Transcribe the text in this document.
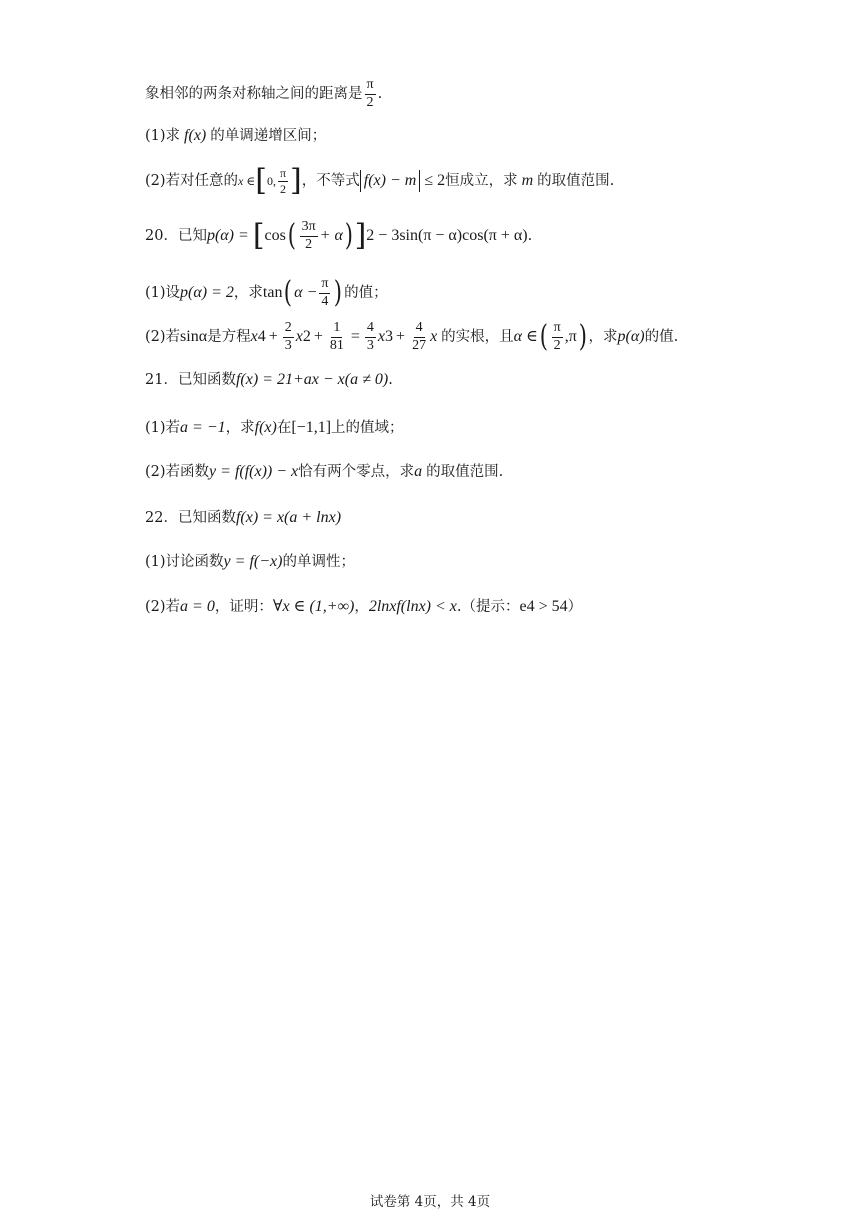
象相邻的两条对称轴之间的距离是 $\frac{\pi}{2}$ .
(1)求 f(x) 的单调递增区间；
(2)若对任意的 x ∈ [ 0, $\frac{\pi}{2}$ ] ，不等式 f(x) − m ≤ 2 恒成立，求 m 的取值范围.
20．已知 p(α) = [ cos ( $\frac{3\pi}{2} + \alpha$ ) ] 2 − 3sin(π − α)cos(π + α) .
(1)设 p(α) = 2 ，求 tan ( $\alpha - \frac{\pi}{4}$ ) 的值；
(2)若 sinα 是方程 x $4 + \frac{2}{3}$ x $2 + \frac{1}{81} = \frac{4}{3}$ x $3 + \frac{4}{27}$ x 的实根，且 α ∈ ( $\frac{\pi}{2} ,\pi$ ) ，求 p(α) 的值.
21．已知函数 f(x) = 2 1+ax − x(a ≠ 0) .
(1)若 a = −1 ，求 f(x) 在 [−1,1] 上的值域；
(2)若函数 y = f(f(x)) − x 恰有两个零点，求 a 的取值范围.
22．已知函数 f(x) = x(a + lnx)
(1)讨论函数 y = f(−x) 的单调性；
(2)若 a = 0 ，证明： ∀x ∈ (1,+∞) ， 2lnxf(lnx) < x .（提示： e 4 > 54 ）
试卷第 4页，共 4页
